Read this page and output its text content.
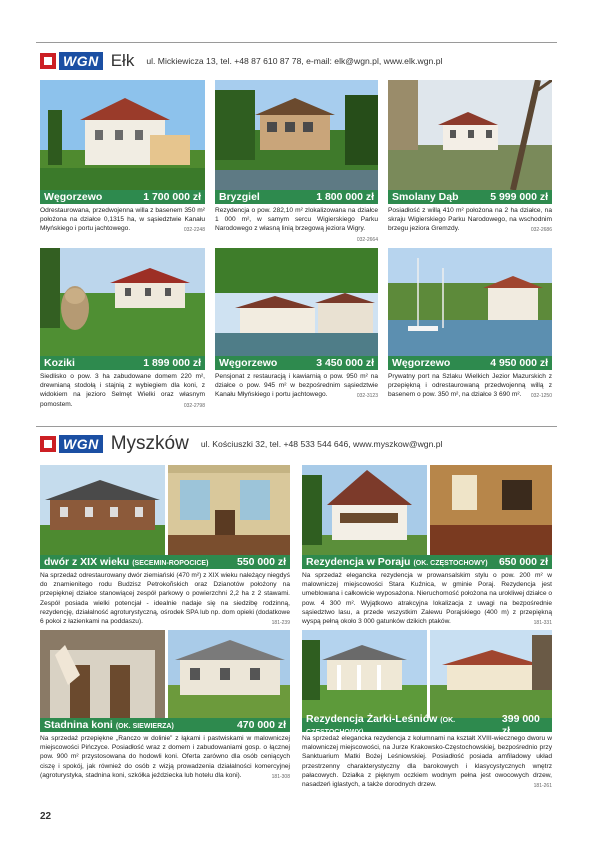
WGN Ełk ul. Mickiewicza 13, tel. +48 87 610 87 78, e-mail: elk@wgn.pl, www.elk.wgn.pl
Węgorzewo	1 700 000 zł
Odrestaurowana, przedwojenna willa z basenem 350 m² położona na działce 0,1315 ha, w sąsiedztwie Kanału Młyńskiego i portu jachtowego.	032-2248
Bryzgiel	1 800 000 zł
Rezydencja o pow. 282,10 m² zlokalizowana na działce 1 000 m², w samym sercu Wigierskiego Parku Narodowego z własną linią brzegową jeziora Wigry.
032-2664
Smolany Dąb	5 999 000 zł
Posiadłość z willą 410 m² położona na 2 ha działce, na skraju Wigierskiego Parku Narodowego, na wschodnim brzegu jeziora Gremzdy.	032-2686
Koziki	1 899 000 zł
Siedlisko o pow. 3 ha zabudowane domem 220 m², drewnianą stodołą i stajnią z wybiegiem dla koni, z widokiem na jezioro Selmęt Wielki oraz własnym pomostem.	032-2798
Węgorzewo	3 450 000 zł
Pensjonat z restauracją i kawiarnią o pow. 950 m² na działce o pow. 945 m² w bezpośrednim sąsiedztwie Kanału Młyńskiego i portu jachtowego.	032-3123
Węgorzewo	4 950 000 zł
Prywatny port na Szlaku Wielkich Jezior Mazurskich z przepiękną i odrestaurowaną przedwojenną willą z basenem o pow. 350 m², na działce 3 690 m². 032-1250
WGN Myszków ul. Kościuszki 32, tel. +48 533 544 646, www.myszkow@wgn.pl
dwór z XIX wieku (SECEMIN-ROPOCICE)	550 000 zł
Na sprzedaż odrestaurowany dwór ziemiański (470 m²) z XIX wieku należący niegdyś do znamienitego rodu Budzisz Petrokoñskich oraz Dzianotów położony na przepięknej działce stanowiącej zespół parkowy o powierzchni 2,2 ha z 2 stawami. Zespół posiada wielki potencjał - idealnie nadaje się na siedzibę rodzinną, rezydencję, działalność agroturystyczną, ośrodek SPA lub np. dom opieki (dodatkowe 6 pokoi z łazienkami na poddaszu).	181-239
Rezydencja w Poraju (OK. CZĘSTOCHOWY) 650 000 zł
Na sprzedaż elegancka rezydencja w prowansalskim stylu o pow. 200 m² w malowniczej miejscowości Stara Kuźnica, w gminie Poraj. Rezydencja jest umeblowana i całkowicie wyposażona. Nieruchomość położona na urokliwej działce o pow. 4 300 m². Wyjątkowo atrakcyjna lokalizacja z uwagi na bezpośrednie sąsiedztwo lasu, a przede wszystkim Zalewu Porajskiego (400 m) z przepiękną wyspą pełną około 3 000 gatunków dzikich ptaków.	181-331
Stadnina koni (OK. SIEWIERZA)	470 000 zł
Na sprzedaż przepiękne „Ranczo w dolinie” z łąkami i pastwiskami w malowniczej miejscowości Pińczyce. Posiadłość wraz z domem i zabudowaniami gosp. o łącznej pow. 900 m² przystosowana do hodowli koni. Oferta zarówno dla osób ceniących ciszę i spokój, jak również do osób z wizją prowadzenia działalności komercyjnej (agroturystyka, stadnina koni, szkółka jeździecka lub hotelu dla koni).	181-308
Rezydencja Żarki-Leśniów (OK. CZĘSTOCHOWY)
399 000 zł
Na sprzedaż elegancka rezydencja z kolumnami na kształt XVIII-wiecznego dworu w malowniczej miejscowości, na Jurze Krakowsko-Częstochowskiej, bezpośrednio przy Sanktuarium Matki Bożej Leśniowskiej. Posiadłość posiada amfiladowy układ przestrzenny charakterystyczny dla barokowych i klasycystycznych wnętrz pałacowych. Działka z pięknym oczkiem wodnym pełna jest owocowych drzew, nasadzeń iglastych, a także dorodnych drzew.	181-261
22
